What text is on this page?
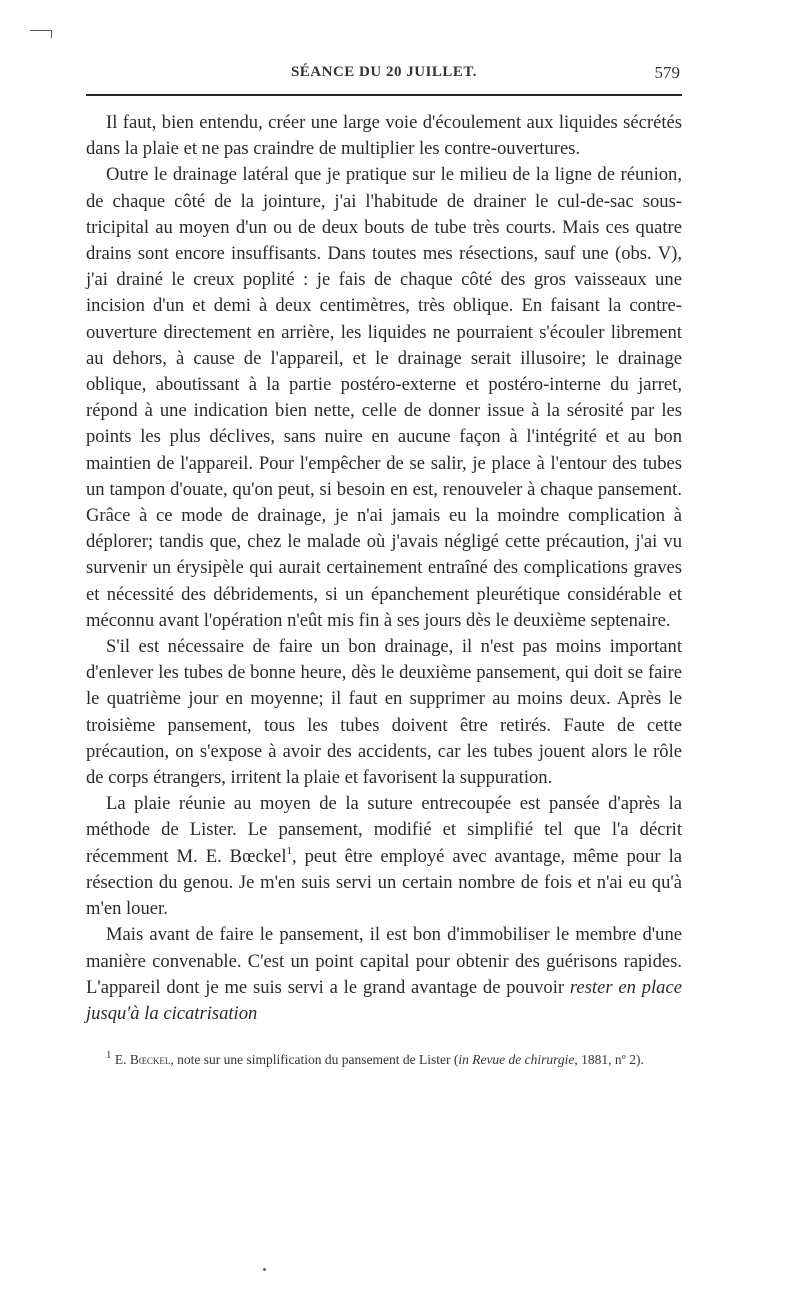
SÉANCE DU 20 JUILLET.	579

Il faut, bien entendu, créer une large voie d'écoulement aux liquides sécrétés dans la plaie et ne pas craindre de multiplier les contre-ouvertures.

Outre le drainage latéral que je pratique sur le milieu de la ligne de réunion, de chaque côté de la jointure, j'ai l'habitude de drainer le cul-de-sac sous-tricipital au moyen d'un ou de deux bouts de tube très courts. Mais ces quatre drains sont encore insuffisants. Dans toutes mes résections, sauf une (obs. V), j'ai drainé le creux poplité : je fais de chaque côté des gros vaisseaux une incision d'un et demi à deux centimètres, très oblique. En faisant la contre-ouverture directement en arrière, les liquides ne pourraient s'écouler librement au dehors, à cause de l'appareil, et le drainage serait illusoire; le drainage oblique, aboutissant à la partie postéro-externe et postéro-interne du jarret, répond à une indication bien nette, celle de donner issue à la sérosité par les points les plus déclives, sans nuire en aucune façon à l'intégrité et au bon maintien de l'appareil. Pour l'empêcher de se salir, je place à l'entour des tubes un tampon d'ouate, qu'on peut, si besoin en est, renouveler à chaque pansement. Grâce à ce mode de drainage, je n'ai jamais eu la moindre complication à déplorer; tandis que, chez le malade où j'avais négligé cette précaution, j'ai vu survenir un érysipèle qui aurait certainement entraîné des complications graves et nécessité des débridements, si un épanchement pleurétique considérable et méconnu avant l'opération n'eût mis fin à ses jours dès le deuxième septenaire.

S'il est nécessaire de faire un bon drainage, il n'est pas moins important d'enlever les tubes de bonne heure, dès le deuxième pansement, qui doit se faire le quatrième jour en moyenne; il faut en supprimer au moins deux. Après le troisième pansement, tous les tubes doivent être retirés. Faute de cette précaution, on s'expose à avoir des accidents, car les tubes jouent alors le rôle de corps étrangers, irritent la plaie et favorisent la suppuration.

La plaie réunie au moyen de la suture entrecoupée est pansée d'après la méthode de Lister. Le pansement, modifié et simplifié tel que l'a décrit récemment M. E. Bœckel$^1$, peut être employé avec avantage, même pour la résection du genou. Je m'en suis servi un certain nombre de fois et n'ai eu qu'à m'en louer.

Mais avant de faire le pansement, il est bon d'immobiliser le membre d'une manière convenable. C'est un point capital pour obtenir des guérisons rapides. L'appareil dont je me suis servi a le grand avantage de pouvoir rester en place jusqu'à la cicatrisation

$^1$ E. Bœckel, note sur une simplification du pansement de Lister (in Revue de chirurgie, 1881, nº 2).
